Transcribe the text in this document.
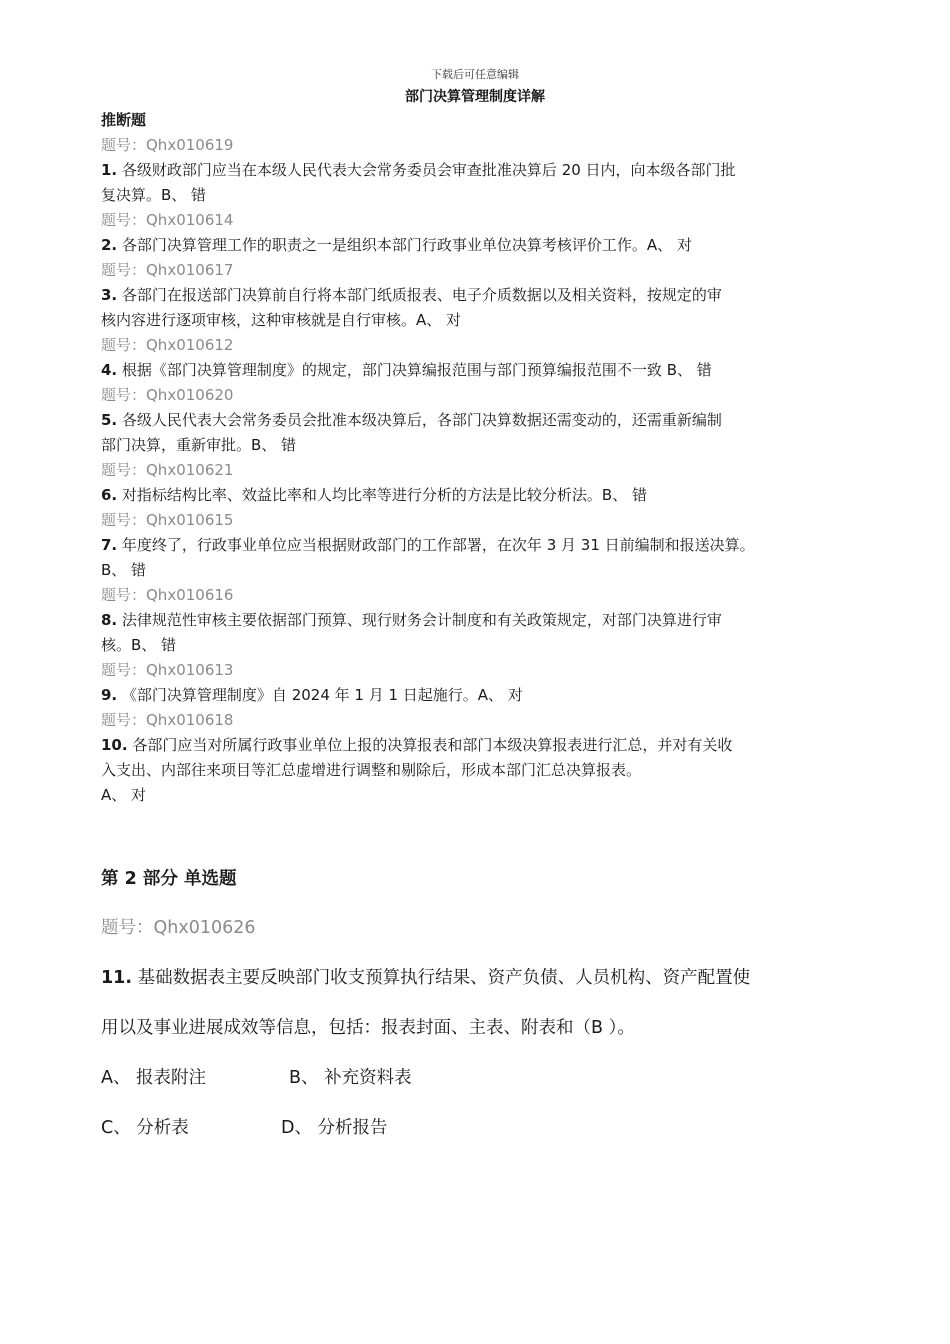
下载后可任意编辑
部门决算管理制度详解
推断题
题号：Qhx010619
1. 各级财政部门应当在本级人民代表大会常务委员会审查批准决算后 20 日内，向本级各部门批
复决算。B、 错
题号：Qhx010614
2. 各部门决算管理工作的职责之一是组织本部门行政事业单位决算考核评价工作。A、 对
题号：Qhx010617
3. 各部门在报送部门决算前自行将本部门纸质报表、电子介质数据以及相关资料，按规定的审
核内容进行逐项审核，这种审核就是自行审核。A、 对
题号：Qhx010612
4. 根据《部门决算管理制度》的规定，部门决算编报范围与部门预算编报范围不一致 B、 错
题号：Qhx010620
5. 各级人民代表大会常务委员会批准本级决算后，各部门决算数据还需变动的，还需重新编制
部门决算，重新审批。B、 错
题号：Qhx010621
6. 对指标结构比率、效益比率和人均比率等进行分析的方法是比较分析法。B、 错
题号：Qhx010615
7. 年度终了，行政事业单位应当根据财政部门的工作部署，在次年 3 月 31 日前编制和报送决算。
B、 错
题号：Qhx010616
8. 法律规范性审核主要依据部门预算、现行财务会计制度和有关政策规定，对部门决算进行审
核。B、 错
题号：Qhx010613
9. 《部门决算管理制度》自 2024 年 1 月 1 日起施行。A、 对
题号：Qhx010618
10. 各部门应当对所属行政事业单位上报的决算报表和部门本级决算报表进行汇总，并对有关收
入支出、内部往来项目等汇总虚增进行调整和剔除后，形成本部门汇总决算报表。
A、 对
第 2 部分 单选题
题号：Qhx010626
11. 基础数据表主要反映部门收支预算执行结果、资产负债、人员机构、资产配置使
用以及事业进展成效等信息，包括：报表封面、主表、附表和（B ）。
A、 报表附注	B、 补充资料表
C、 分析表	D、 分析报告
